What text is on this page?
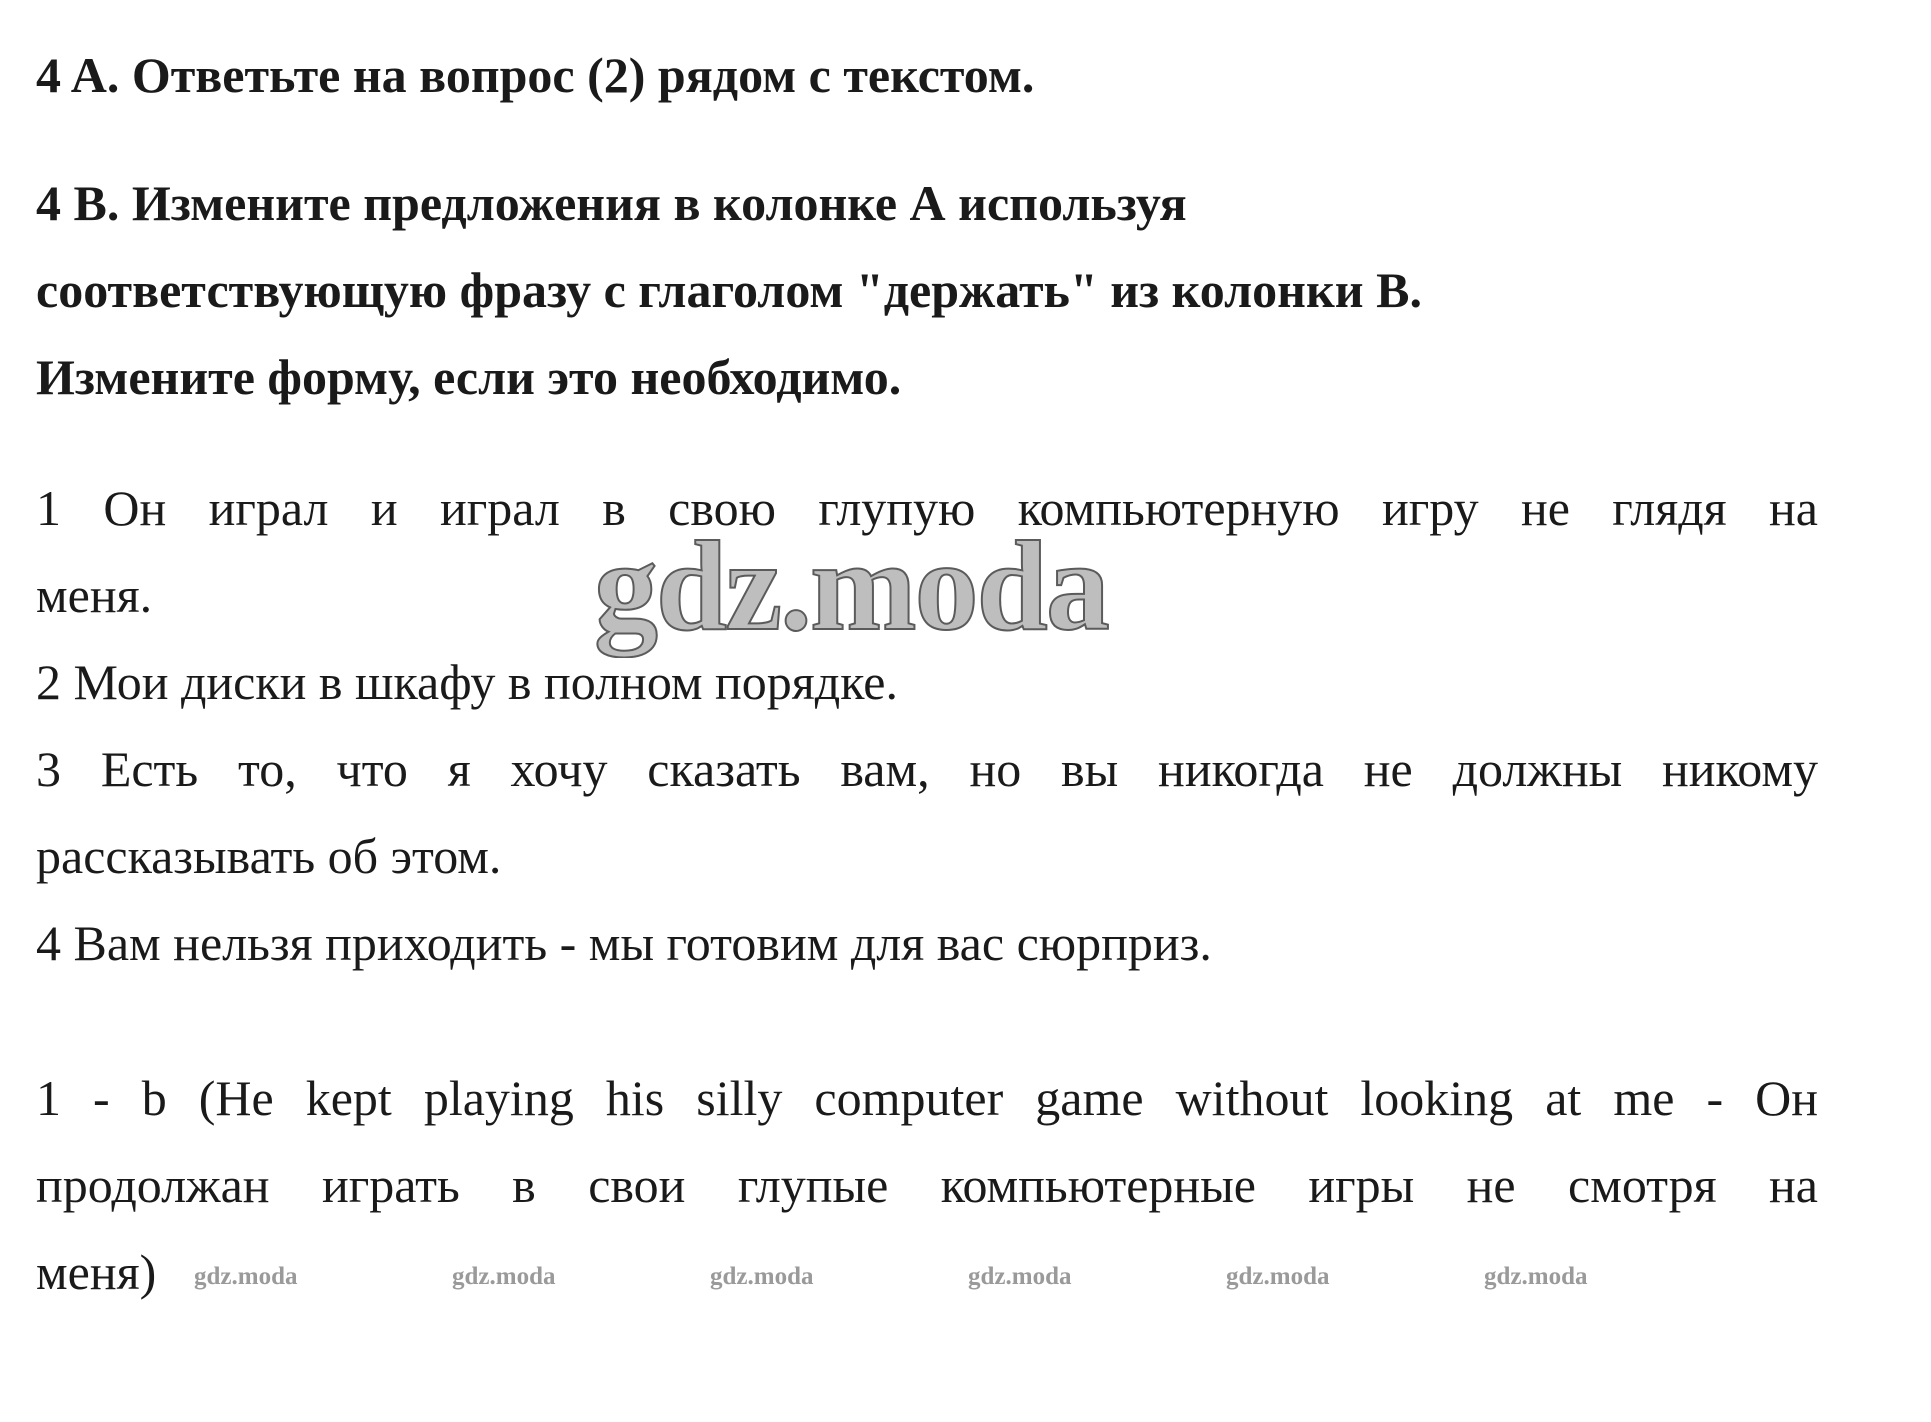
4 A. Ответьте на вопрос (2) рядом с текстом.

4 B. Измените предложения в колонке А используя

соответствующую фразу с глаголом "держать" из колонки B.

Измените форму, если это необходимо.

1 Он играл и играл в свою глупую компьютерную игру не глядя на

меня.

2 Мои диски в шкафу в полном порядке.

3 Есть то, что я хочу сказать вам, но вы никогда не должны никому

рассказывать об этом.

4 Вам нельзя приходить - мы готовим для вас сюрприз.

1 - b (He kept playing his silly computer game without looking at me - Он

продолжан играть в свои глупые компьютерные игры не смотря на

меня)

gdz.moda
gdz.moda	gdz.moda	gdz.moda	gdz.moda	gdz.moda	gdz.moda
